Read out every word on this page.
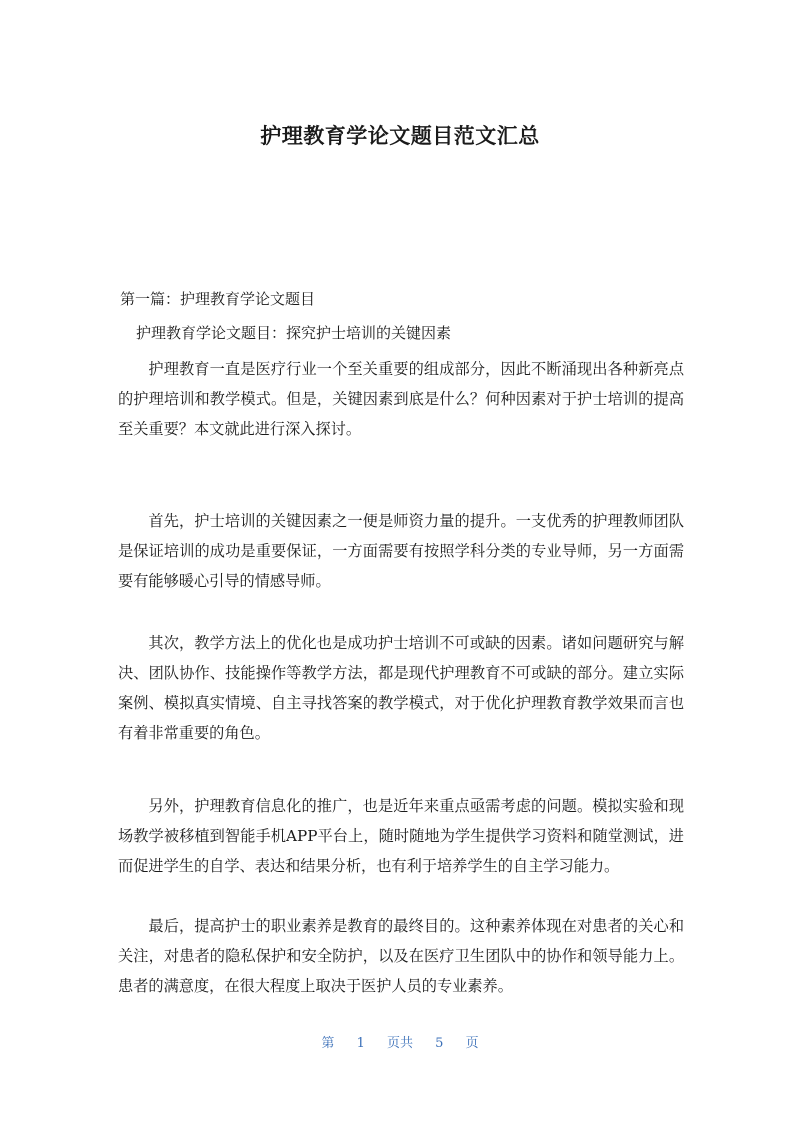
护理教育学论文题目范文汇总

第一篇：护理教育学论文题目

护理教育学论文题目：探究护士培训的关键因素

护理教育一直是医疗行业一个至关重要的组成部分，因此不断涌现出各种新亮点的护理培训和教学模式。但是，关键因素到底是什么？何种因素对于护士培训的提高至关重要？本文就此进行深入探讨。

首先，护士培训的关键因素之一便是师资力量的提升。一支优秀的护理教师团队是保证培训的成功是重要保证，一方面需要有按照学科分类的专业导师，另一方面需要有能够暖心引导的情感导师。

其次，教学方法上的优化也是成功护士培训不可或缺的因素。诸如问题研究与解决、团队协作、技能操作等教学方法，都是现代护理教育不可或缺的部分。建立实际案例、模拟真实情境、自主寻找答案的教学模式，对于优化护理教育教学效果而言也有着非常重要的角色。

另外，护理教育信息化的推广，也是近年来重点亟需考虑的问题。模拟实验和现场教学被移植到智能手机APP平台上，随时随地为学生提供学习资料和随堂测试，进而促进学生的自学、表达和结果分析，也有利于培养学生的自主学习能力。

最后，提高护士的职业素养是教育的最终目的。这种素养体现在对患者的关心和关注，对患者的隐私保护和安全防护，以及在医疗卫生团队中的协作和领导能力上。患者的满意度，在很大程度上取决于医护人员的专业素养。

第 1 页共 5 页
